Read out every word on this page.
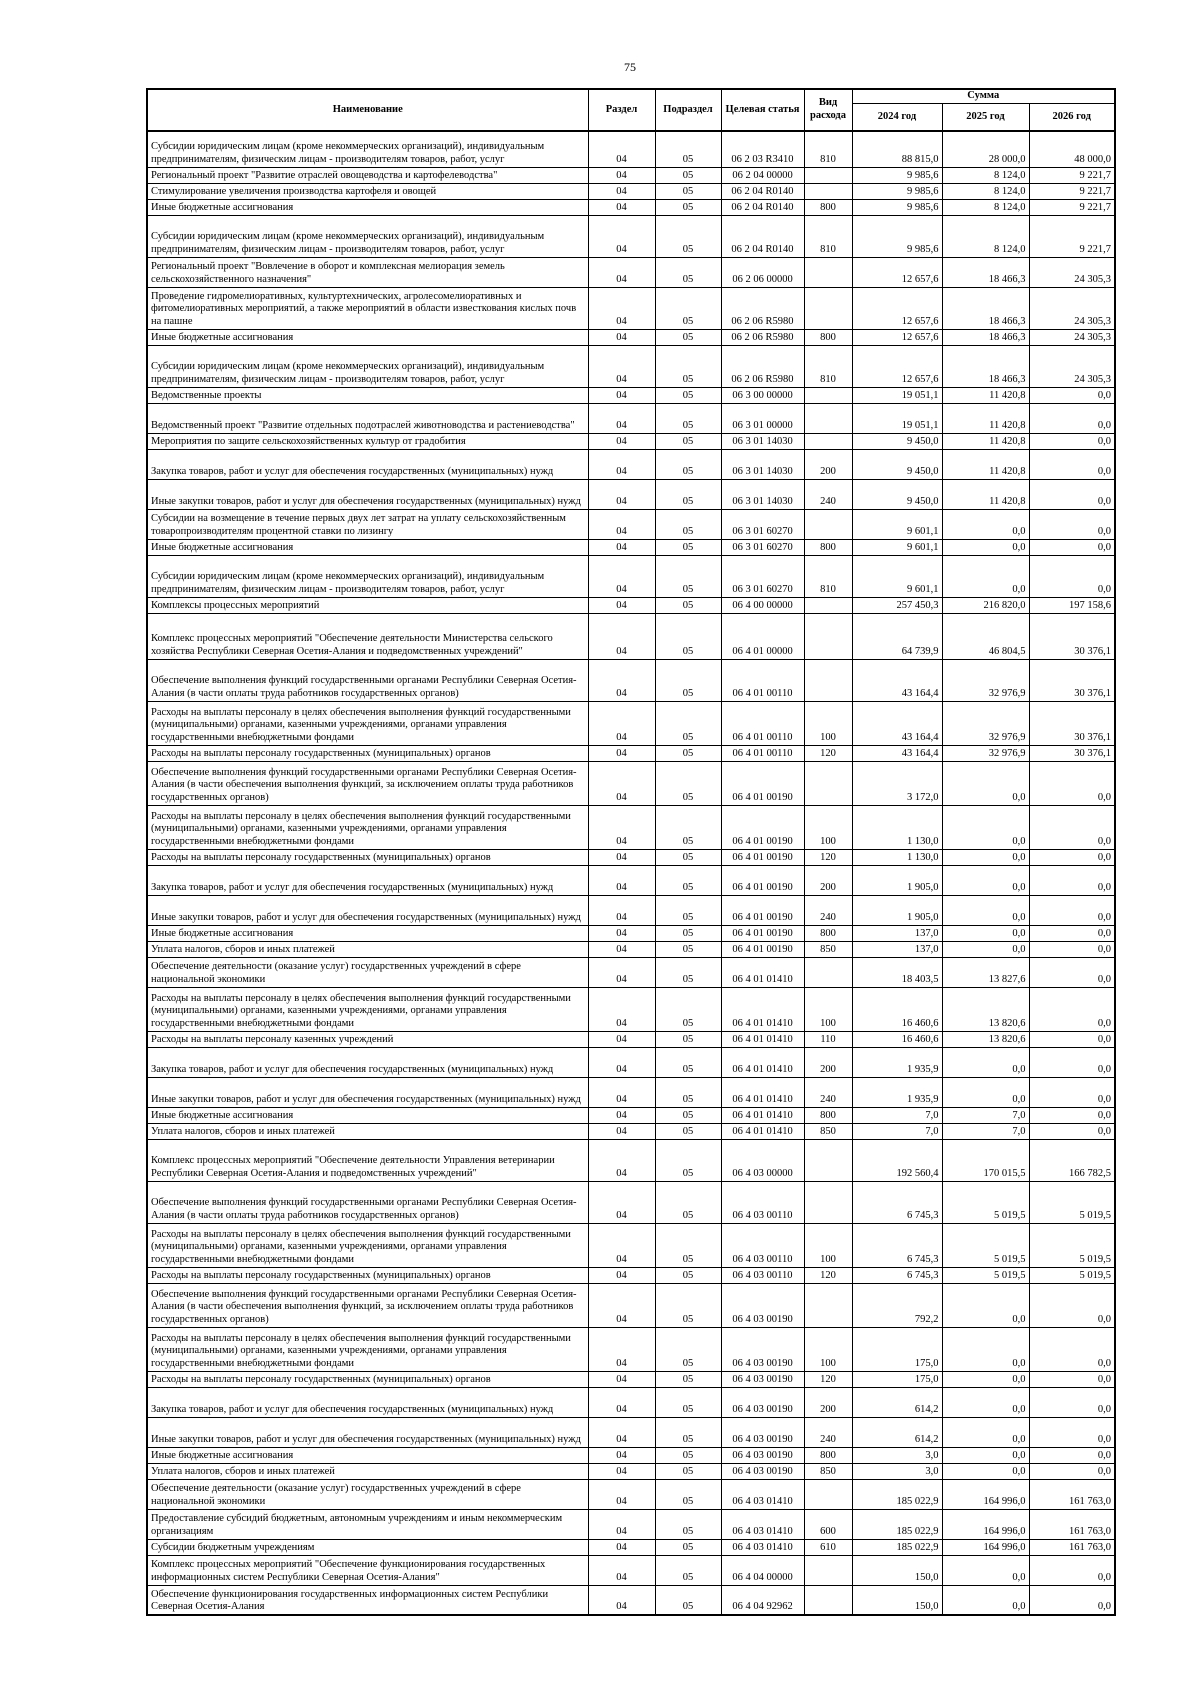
75
Наименование	Раздел	Подраздел	Целевая статья	Вид расхода	Сумма		
					2024 год	2025 год	2026 год
Субсидии юридическим лицам (кроме некоммерческих организаций), индивидуальным предпринимателям, физическим лицам - производителям товаров, работ, услуг	04	05	06 2 03 R3410	810	88 815,0	28 000,0	48 000,0
Региональный проект "Развитие отраслей овощеводства и картофелеводства"	04	05	06 2 04 00000		9 985,6	8 124,0	9 221,7
Стимулирование увеличения производства картофеля и овощей	04	05	06 2 04 R0140		9 985,6	8 124,0	9 221,7
Иные бюджетные ассигнования	04	05	06 2 04 R0140	800	9 985,6	8 124,0	9 221,7
Субсидии юридическим лицам (кроме некоммерческих организаций), индивидуальным предпринимателям, физическим лицам - производителям товаров, работ, услуг	04	05	06 2 04 R0140	810	9 985,6	8 124,0	9 221,7
Региональный проект "Вовлечение в оборот и комплексная мелиорация земель сельскохозяйственного назначения"	04	05	06 2 06 00000		12 657,6	18 466,3	24 305,3
Проведение гидромелиоративных, культуртехнических, агролесомелиоративных и фитомелиоративных мероприятий, а также мероприятий в области известкования кислых почв на пашне	04	05	06 2 06 R5980		12 657,6	18 466,3	24 305,3
Иные бюджетные ассигнования	04	05	06 2 06 R5980	800	12 657,6	18 466,3	24 305,3
Субсидии юридическим лицам (кроме некоммерческих организаций), индивидуальным предпринимателям, физическим лицам - производителям товаров, работ, услуг	04	05	06 2 06 R5980	810	12 657,6	18 466,3	24 305,3
Ведомственные проекты	04	05	06 3 00 00000		19 051,1	11 420,8	0,0
Ведомственный проект "Развитие отдельных подотраслей животноводства и растениеводства"	04	05	06 3 01 00000		19 051,1	11 420,8	0,0
Мероприятия по защите сельскохозяйственных культур от градобития	04	05	06 3 01 14030		9 450,0	11 420,8	0,0
Закупка товаров, работ и услуг для обеспечения государственных (муниципальных) нужд	04	05	06 3 01 14030	200	9 450,0	11 420,8	0,0
Иные закупки товаров, работ и услуг для обеспечения государственных (муниципальных) нужд	04	05	06 3 01 14030	240	9 450,0	11 420,8	0,0
Субсидии на возмещение в течение первых двух лет затрат на уплату сельскохозяйственным товаропроизводителям процентной ставки по лизингу	04	05	06 3 01 60270		9 601,1	0,0	0,0
Иные бюджетные ассигнования	04	05	06 3 01 60270	800	9 601,1	0,0	0,0
Субсидии юридическим лицам (кроме некоммерческих организаций), индивидуальным предпринимателям, физическим лицам - производителям товаров, работ, услуг	04	05	06 3 01 60270	810	9 601,1	0,0	0,0
Комплексы процессных мероприятий	04	05	06 4 00 00000		257 450,3	216 820,0	197 158,6
Комплекс процессных мероприятий "Обеспечение деятельности Министерства сельского хозяйства Республики Северная Осетия-Алания и подведомственных учреждений"	04	05	06 4 01 00000		64 739,9	46 804,5	30 376,1
Обеспечение выполнения функций государственными органами Республики Северная Осетия-Алания (в части оплаты труда работников государственных органов)	04	05	06 4 01 00110		43 164,4	32 976,9	30 376,1
Расходы на выплаты персоналу в целях обеспечения выполнения функций государственными (муниципальными) органами, казенными учреждениями, органами управления государственными внебюджетными фондами	04	05	06 4 01 00110	100	43 164,4	32 976,9	30 376,1
Расходы на выплаты персоналу государственных (муниципальных) органов	04	05	06 4 01 00110	120	43 164,4	32 976,9	30 376,1
Обеспечение выполнения функций государственными органами Республики Северная Осетия-Алания (в части обеспечения выполнения функций, за исключением оплаты труда работников государственных органов)	04	05	06 4 01 00190		3 172,0	0,0	0,0
Расходы на выплаты персоналу в целях обеспечения выполнения функций государственными (муниципальными) органами, казенными учреждениями, органами управления государственными внебюджетными фондами	04	05	06 4 01 00190	100	1 130,0	0,0	0,0
Расходы на выплаты персоналу государственных (муниципальных) органов	04	05	06 4 01 00190	120	1 130,0	0,0	0,0
Закупка товаров, работ и услуг для обеспечения государственных (муниципальных) нужд	04	05	06 4 01 00190	200	1 905,0	0,0	0,0
Иные закупки товаров, работ и услуг для обеспечения государственных (муниципальных) нужд	04	05	06 4 01 00190	240	1 905,0	0,0	0,0
Иные бюджетные ассигнования	04	05	06 4 01 00190	800	137,0	0,0	0,0
Уплата налогов, сборов и иных платежей	04	05	06 4 01 00190	850	137,0	0,0	0,0
Обеспечение деятельности (оказание услуг) государственных учреждений в сфере национальной экономики	04	05	06 4 01 01410		18 403,5	13 827,6	0,0
Расходы на выплаты персоналу в целях обеспечения выполнения функций государственными (муниципальными) органами, казенными учреждениями, органами управления государственными внебюджетными фондами	04	05	06 4 01 01410	100	16 460,6	13 820,6	0,0
Расходы на выплаты персоналу казенных учреждений	04	05	06 4 01 01410	110	16 460,6	13 820,6	0,0
Закупка товаров, работ и услуг для обеспечения государственных (муниципальных) нужд	04	05	06 4 01 01410	200	1 935,9	0,0	0,0
Иные закупки товаров, работ и услуг для обеспечения государственных (муниципальных) нужд	04	05	06 4 01 01410	240	1 935,9	0,0	0,0
Иные бюджетные ассигнования	04	05	06 4 01 01410	800	7,0	7,0	0,0
Уплата налогов, сборов и иных платежей	04	05	06 4 01 01410	850	7,0	7,0	0,0
Комплекс процессных мероприятий "Обеспечение деятельности Управления ветеринарии Республики Северная Осетия-Алания и подведомственных учреждений"	04	05	06 4 03 00000		192 560,4	170 015,5	166 782,5
Обеспечение выполнения функций государственными органами Республики Северная Осетия-Алания (в части оплаты труда работников государственных органов)	04	05	06 4 03 00110		6 745,3	5 019,5	5 019,5
Расходы на выплаты персоналу в целях обеспечения выполнения функций государственными (муниципальными) органами, казенными учреждениями, органами управления государственными внебюджетными фондами	04	05	06 4 03 00110	100	6 745,3	5 019,5	5 019,5
Расходы на выплаты персоналу государственных (муниципальных) органов	04	05	06 4 03 00110	120	6 745,3	5 019,5	5 019,5
Обеспечение выполнения функций государственными органами Республики Северная Осетия-Алания (в части обеспечения выполнения функций, за исключением оплаты труда работников государственных органов)	04	05	06 4 03 00190		792,2	0,0	0,0
Расходы на выплаты персоналу в целях обеспечения выполнения функций государственными (муниципальными) органами, казенными учреждениями, органами управления государственными внебюджетными фондами	04	05	06 4 03 00190	100	175,0	0,0	0,0
Расходы на выплаты персоналу государственных (муниципальных) органов	04	05	06 4 03 00190	120	175,0	0,0	0,0
Закупка товаров, работ и услуг для обеспечения государственных (муниципальных) нужд	04	05	06 4 03 00190	200	614,2	0,0	0,0
Иные закупки товаров, работ и услуг для обеспечения государственных (муниципальных) нужд	04	05	06 4 03 00190	240	614,2	0,0	0,0
Иные бюджетные ассигнования	04	05	06 4 03 00190	800	3,0	0,0	0,0
Уплата налогов, сборов и иных платежей	04	05	06 4 03 00190	850	3,0	0,0	0,0
Обеспечение деятельности (оказание услуг) государственных учреждений в сфере национальной экономики	04	05	06 4 03 01410		185 022,9	164 996,0	161 763,0
Предоставление субсидий бюджетным, автономным учреждениям и иным некоммерческим организациям	04	05	06 4 03 01410	600	185 022,9	164 996,0	161 763,0
Субсидии бюджетным учреждениям	04	05	06 4 03 01410	610	185 022,9	164 996,0	161 763,0
Комплекс процессных мероприятий "Обеспечение функционирования государственных информационных систем Республики Северная Осетия-Алания"	04	05	06 4 04 00000		150,0	0,0	0,0
Обеспечение функционирования государственных информационных систем Республики Северная Осетия-Алания	04	05	06 4 04 92962		150,0	0,0	0,0
